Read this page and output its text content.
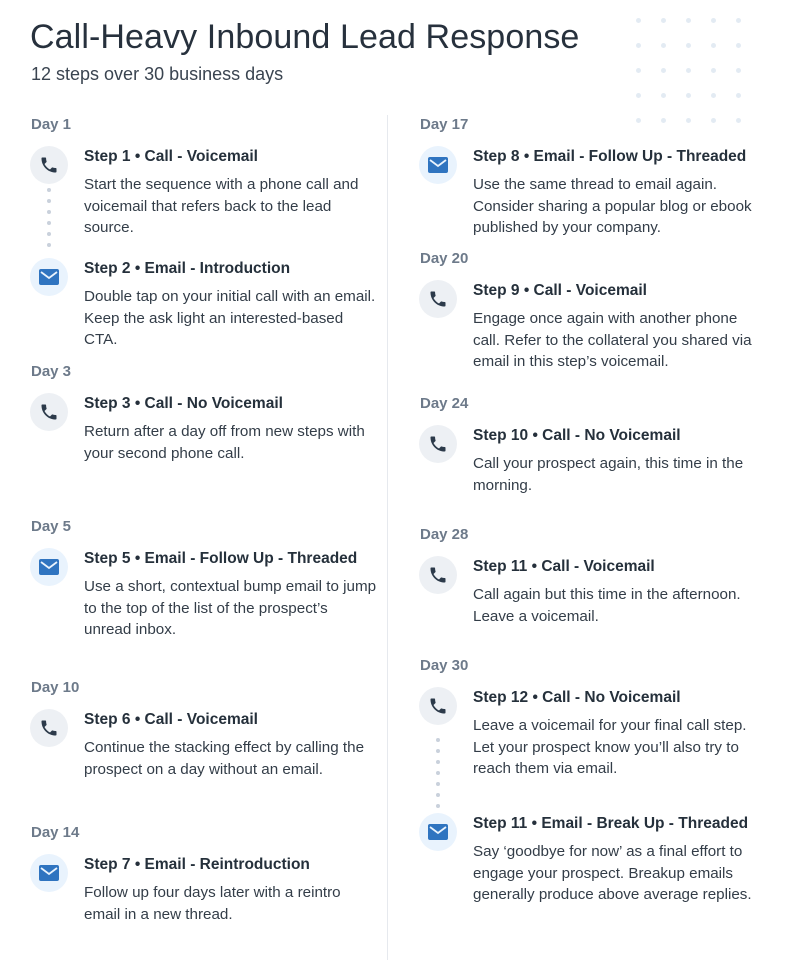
Call-Heavy Inbound Lead Response
12 steps over 30 business days
Day 1
Day 3
Day 5
Day 10
Day 14
Step 1 • Call - Voicemail
Start the sequence with a phone call and voicemail that refers back to the lead source.
Step 2 • Email - Introduction
Double tap on your initial call with an email. Keep the ask light an interested-based CTA.
Step 3 • Call - No Voicemail
Return after a day off from new steps with your second phone call.
Step 5 • Email - Follow Up - Threaded
Use a short, contextual bump email to jump to the top of the list of the prospect’s unread inbox.
Step 6 • Call - Voicemail
Continue the stacking effect by calling the prospect on a day without an email.
Step 7 • Email - Reintroduction
Follow up four days later with a reintro email in a new thread.
Day 17
Day 20
Day 24
Day 28
Day 30
Step 8 • Email - Follow Up - Threaded
Use the same thread to email again. Consider sharing a popular blog or ebook published by your company.
Step 9 • Call - Voicemail
Engage once again with another phone call. Refer to the collateral you shared via email in this step’s voicemail.
Step 10 • Call - No Voicemail
Call your prospect again, this time in the morning.
Step 11 • Call - Voicemail
Call again but this time in the afternoon. Leave a voicemail.
Step 12 • Call - No Voicemail
Leave a voicemail for your final call step. Let your prospect know you’ll also try to reach them via email.
Step 11 • Email - Break Up - Threaded
Say ‘goodbye for now’ as a final effort to engage your prospect. Breakup emails generally produce above average replies.
